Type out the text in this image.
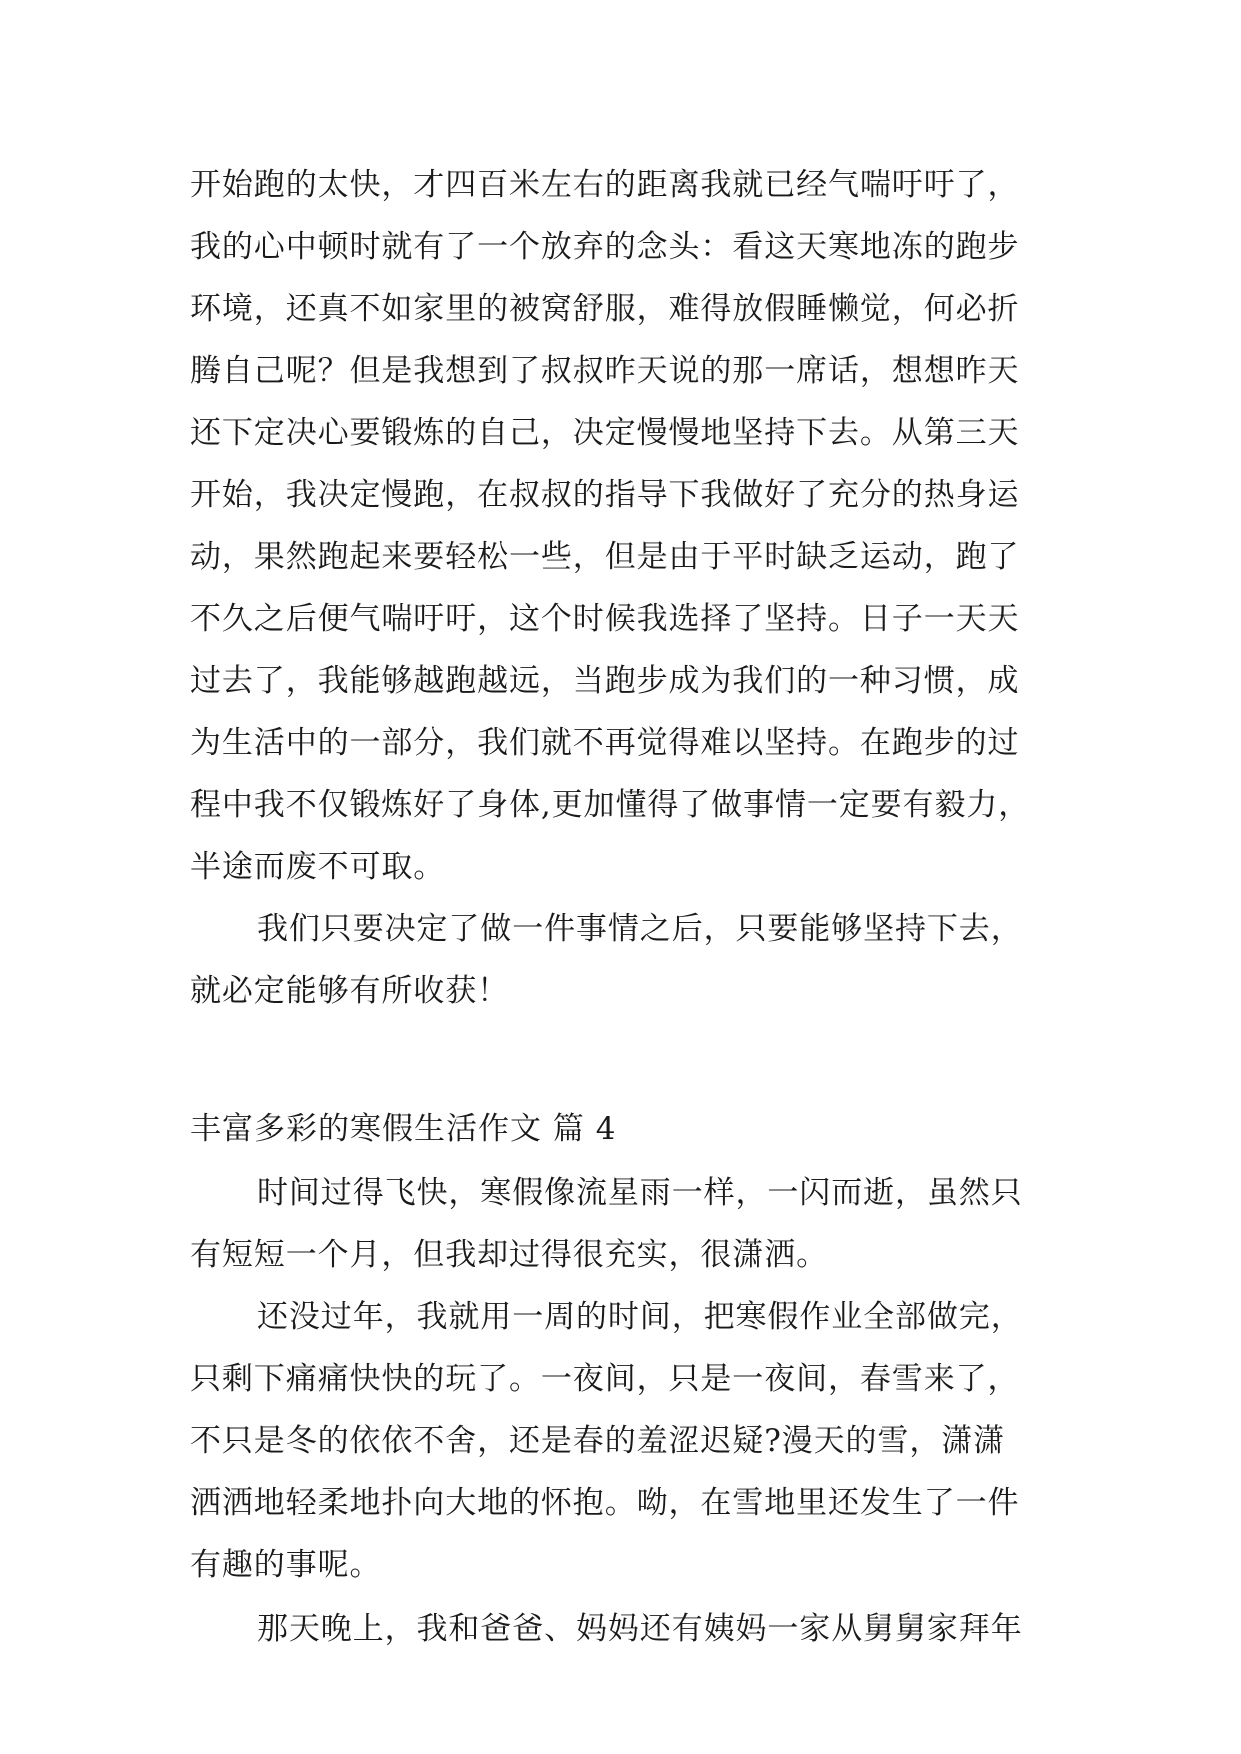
开始跑的太快，才四百米左右的距离我就已经气喘吁吁了，
我的心中顿时就有了一个放弃的念头：看这天寒地冻的跑步
环境，还真不如家里的被窝舒服，难得放假睡懒觉，何必折
腾自己呢？但是我想到了叔叔昨天说的那一席话，想想昨天
还下定决心要锻炼的自己，决定慢慢地坚持下去。从第三天
开始，我决定慢跑，在叔叔的指导下我做好了充分的热身运
动，果然跑起来要轻松一些，但是由于平时缺乏运动，跑了
不久之后便气喘吁吁，这个时候我选择了坚持。日子一天天
过去了，我能够越跑越远，当跑步成为我们的一种习惯，成
为生活中的一部分，我们就不再觉得难以坚持。在跑步的过
程中我不仅锻炼好了身体,更加懂得了做事情一定要有毅力，
半途而废不可取。
我们只要决定了做一件事情之后，只要能够坚持下去，
就必定能够有所收获！
丰富多彩的寒假生活作文 篇 4
时间过得飞快，寒假像流星雨一样，一闪而逝，虽然只
有短短一个月，但我却过得很充实，很潇洒。
还没过年，我就用一周的时间，把寒假作业全部做完，
只剩下痛痛快快的玩了。一夜间，只是一夜间，春雪来了，
不只是冬的依依不舍，还是春的羞涩迟疑?漫天的雪，潇潇
洒洒地轻柔地扑向大地的怀抱。呦，在雪地里还发生了一件
有趣的事呢。
那天晚上，我和爸爸、妈妈还有姨妈一家从舅舅家拜年
